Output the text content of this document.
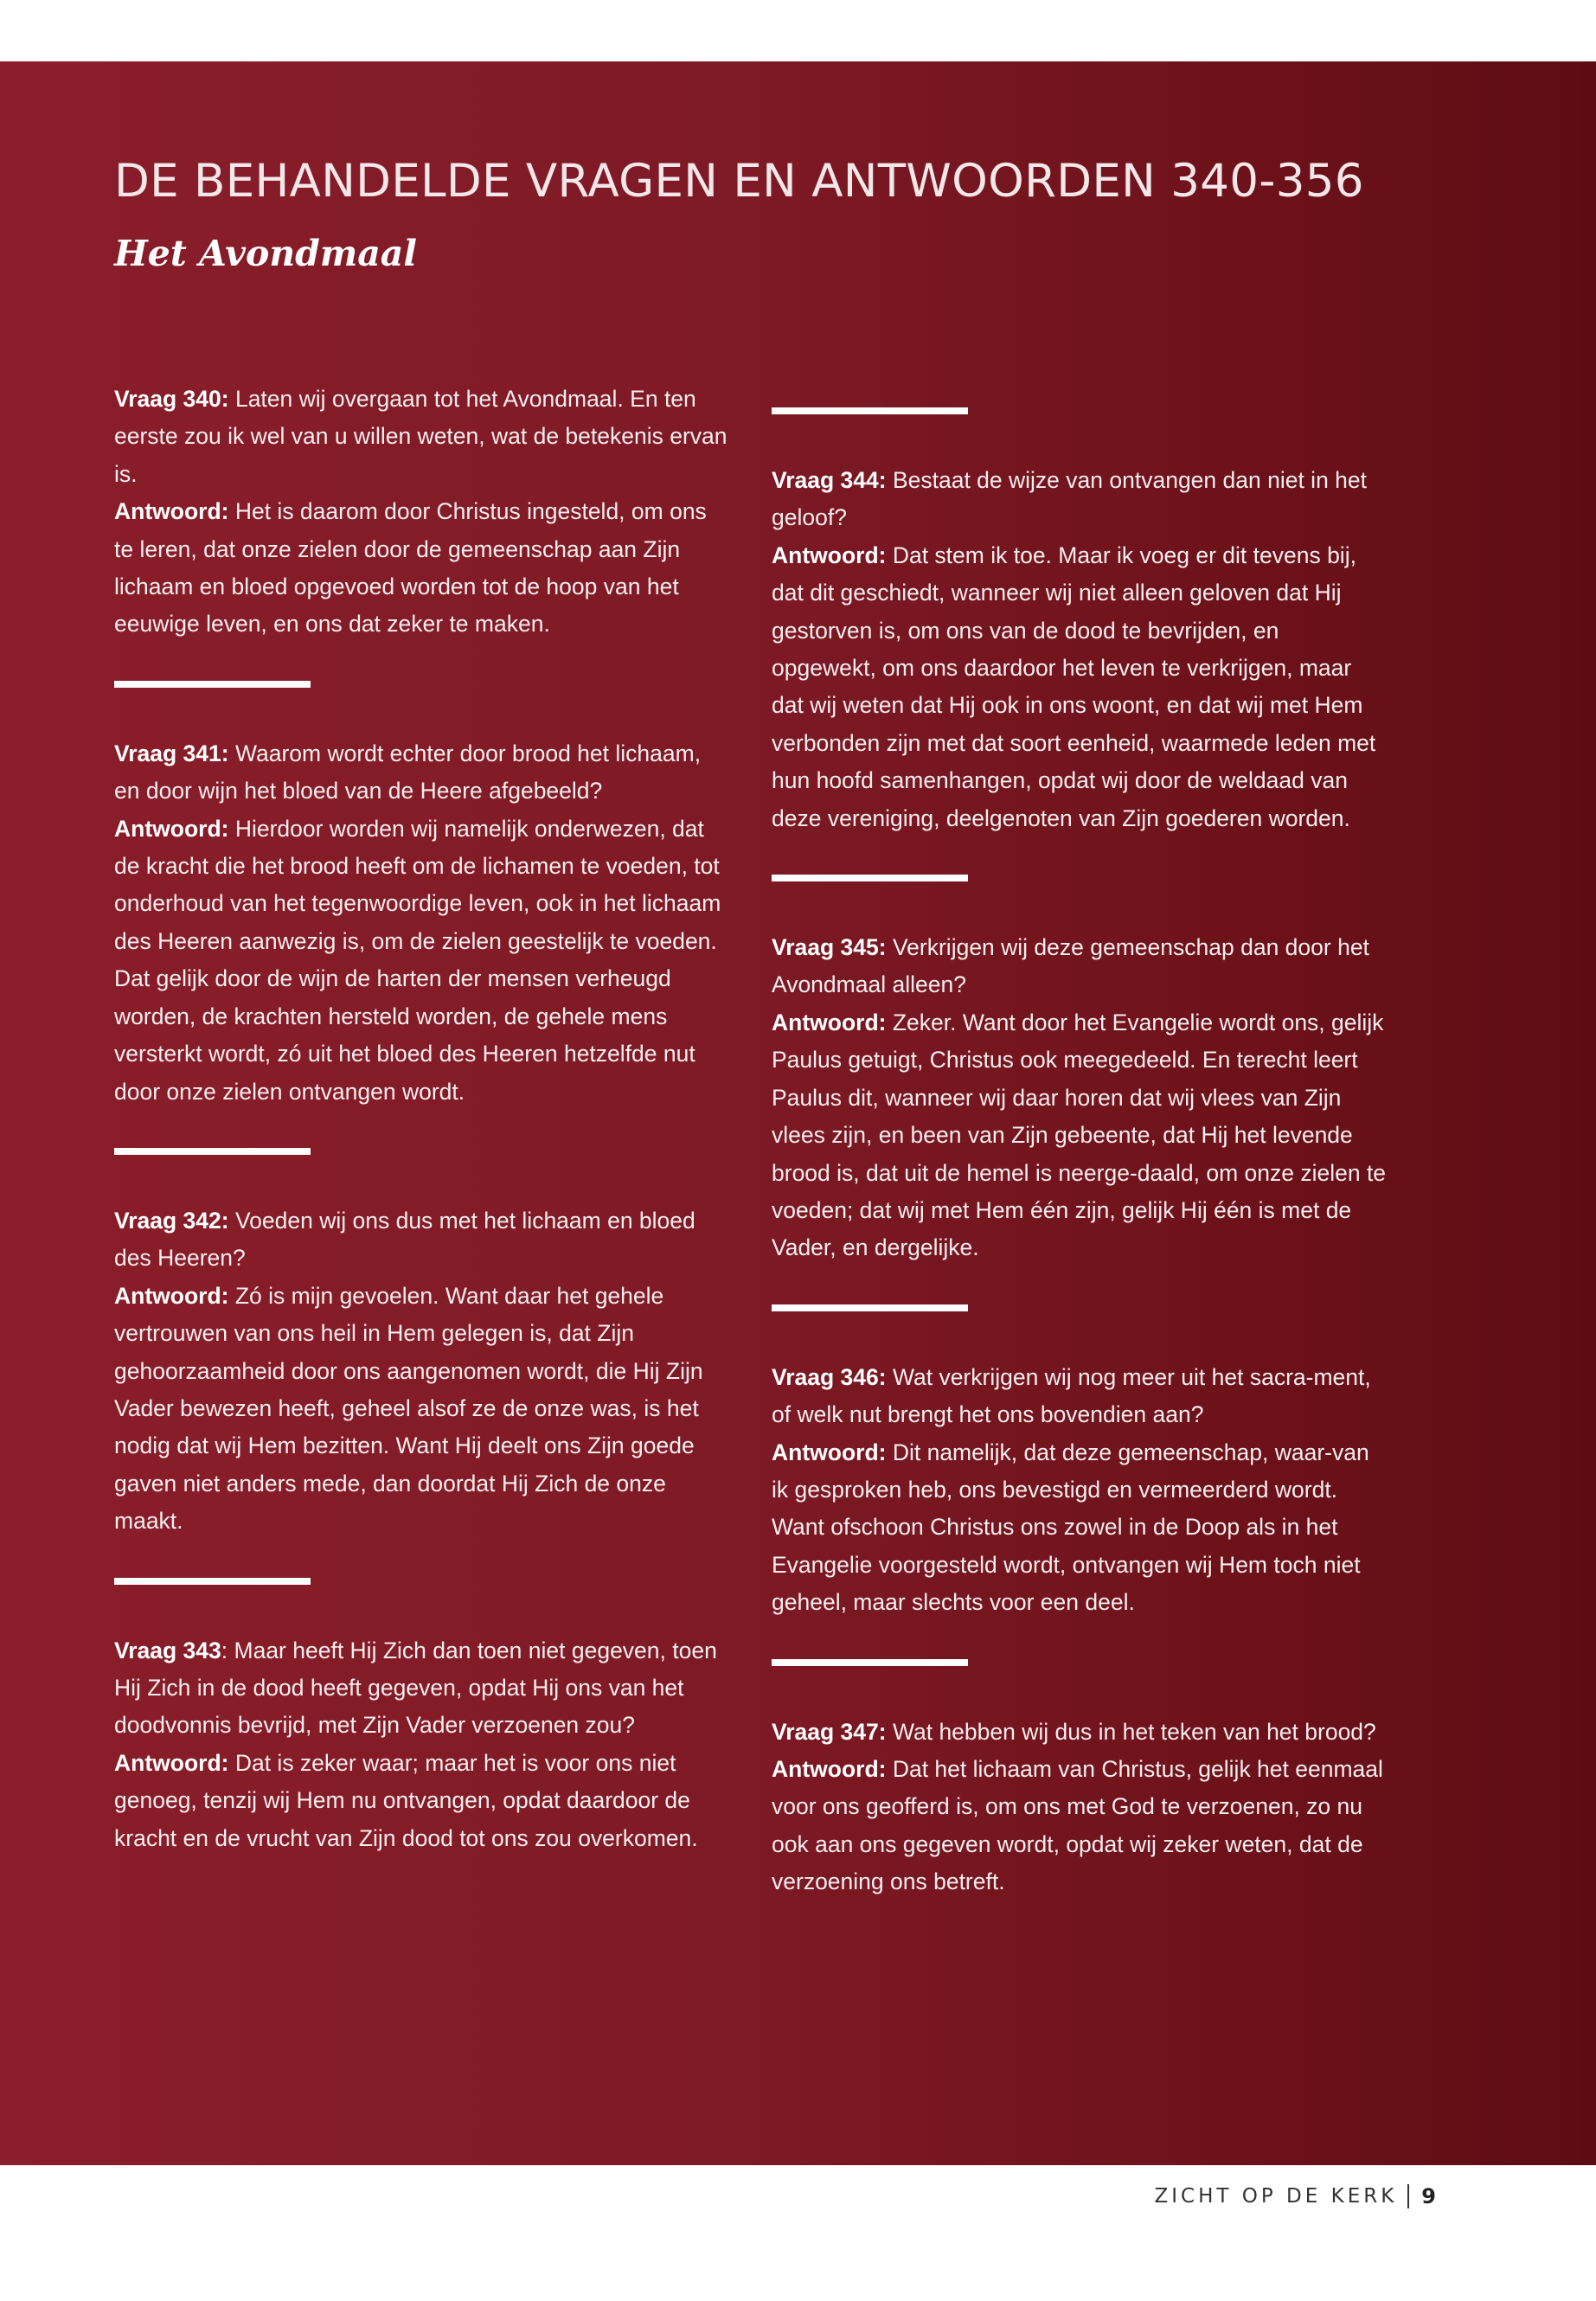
DE BEHANDELDE VRAGEN EN ANTWOORDEN 340-356
Het Avondmaal

Vraag 340: Laten wij overgaan tot het Avondmaal. En ten eerste zou ik wel van u willen weten, wat de betekenis ervan is.

Antwoord: Het is daarom door Christus ingesteld, om ons te leren, dat onze zielen door de gemeenschap aan Zijn lichaam en bloed opgevoed worden tot de hoop van het eeuwige leven, en ons dat zeker te maken.

Vraag 341: Waarom wordt echter door brood het lichaam, en door wijn het bloed van de Heere afgebeeld?

Antwoord: Hierdoor worden wij namelijk onderwezen, dat de kracht die het brood heeft om de lichamen te voeden, tot onderhoud van het tegenwoordige leven, ook in het lichaam des Heeren aanwezig is, om de zielen geestelijk te voeden. Dat gelijk door de wijn de harten der mensen verheugd worden, de krachten hersteld worden, de gehele mens versterkt wordt, zó uit het bloed des Heeren hetzelfde nut door onze zielen ontvangen wordt.

Vraag 342: Voeden wij ons dus met het lichaam en bloed des Heeren?

Antwoord: Zó is mijn gevoelen. Want daar het gehele vertrouwen van ons heil in Hem gelegen is, dat Zijn gehoorzaamheid door ons aangenomen wordt, die Hij Zijn Vader bewezen heeft, geheel alsof ze de onze was, is het nodig dat wij Hem bezitten. Want Hij deelt ons Zijn goede gaven niet anders mede, dan doordat Hij Zich de onze maakt.

Vraag 343: Maar heeft Hij Zich dan toen niet gegeven, toen Hij Zich in de dood heeft gegeven, opdat Hij ons van het doodvonnis bevrijd, met Zijn Vader verzoenen zou?

Antwoord: Dat is zeker waar; maar het is voor ons niet genoeg, tenzij wij Hem nu ontvangen, opdat daardoor de kracht en de vrucht van Zijn dood tot ons zou overkomen.

Vraag 344: Bestaat de wijze van ontvangen dan niet in het geloof?

Antwoord: Dat stem ik toe. Maar ik voeg er dit tevens bij, dat dit geschiedt, wanneer wij niet alleen geloven dat Hij gestorven is, om ons van de dood te bevrijden, en opgewekt, om ons daardoor het leven te verkrijgen, maar dat wij weten dat Hij ook in ons woont, en dat wij met Hem verbonden zijn met dat soort eenheid, waarmede leden met hun hoofd samenhangen, opdat wij door de weldaad van deze vereniging, deelgenoten van Zijn goederen worden.

Vraag 345: Verkrijgen wij deze gemeenschap dan door het Avondmaal alleen?

Antwoord: Zeker. Want door het Evangelie wordt ons, gelijk Paulus getuigt, Christus ook meegedeeld. En terecht leert Paulus dit, wanneer wij daar horen dat wij vlees van Zijn vlees zijn, en been van Zijn gebeente, dat Hij het levende brood is, dat uit de hemel is neerge-daald, om onze zielen te voeden; dat wij met Hem één zijn, gelijk Hij één is met de Vader, en dergelijke.

Vraag 346: Wat verkrijgen wij nog meer uit het sacra-ment, of welk nut brengt het ons bovendien aan?

Antwoord: Dit namelijk, dat deze gemeenschap, waar-van ik gesproken heb, ons bevestigd en vermeerderd wordt. Want ofschoon Christus ons zowel in de Doop als in het Evangelie voorgesteld wordt, ontvangen wij Hem toch niet geheel, maar slechts voor een deel.

Vraag 347: Wat hebben wij dus in het teken van het brood?

Antwoord: Dat het lichaam van Christus, gelijk het eenmaal voor ons geofferd is, om ons met God te verzoenen, zo nu ook aan ons gegeven wordt, opdat wij zeker weten, dat de verzoening ons betreft.

ZICHT OP DE KERK 9
